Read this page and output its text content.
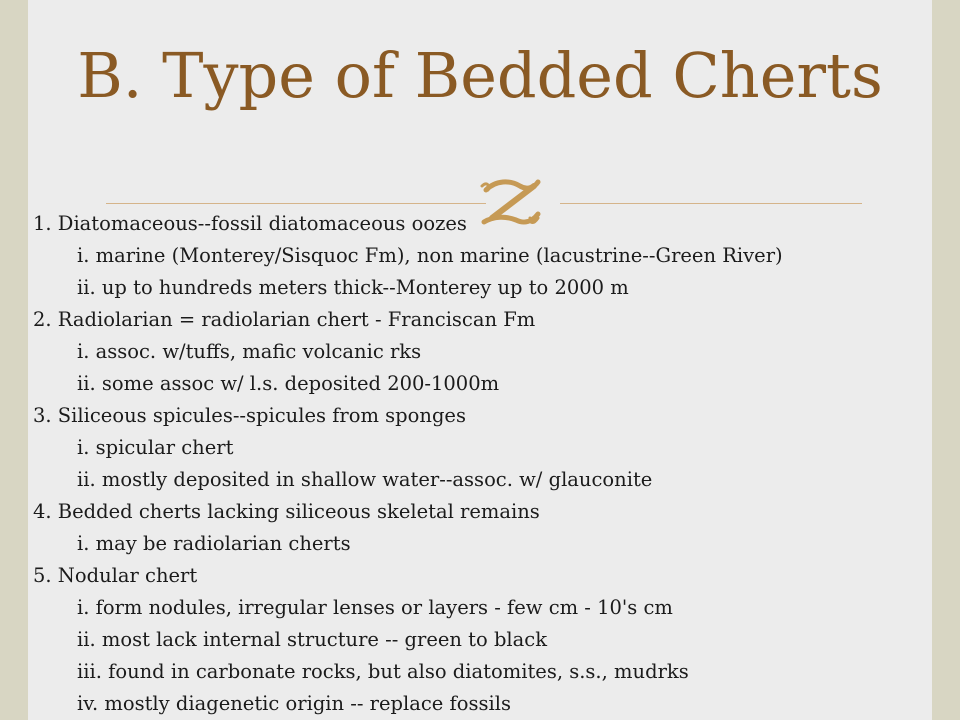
B. Type of Bedded Cherts
1. Diatomaceous--fossil diatomaceous oozes
i. marine (Monterey/Sisquoc Fm), non marine (lacustrine--Green River)
ii. up to hundreds meters thick--Monterey up to 2000 m
2. Radiolarian = radiolarian chert - Franciscan Fm
i. assoc. w/tuffs, mafic volcanic rks
ii. some assoc w/ l.s. deposited 200-1000m
3. Siliceous spicules--spicules from sponges
i. spicular chert
ii. mostly deposited in shallow water--assoc. w/ glauconite
4. Bedded cherts lacking siliceous skeletal remains
i. may be radiolarian cherts
5. Nodular chert
i. form nodules, irregular lenses or layers - few cm - 10's cm
ii. most lack internal structure -- green to black
iii. found in carbonate rocks, but also diatomites, s.s., mudrks
iv. mostly diagenetic origin -- replace fossils
